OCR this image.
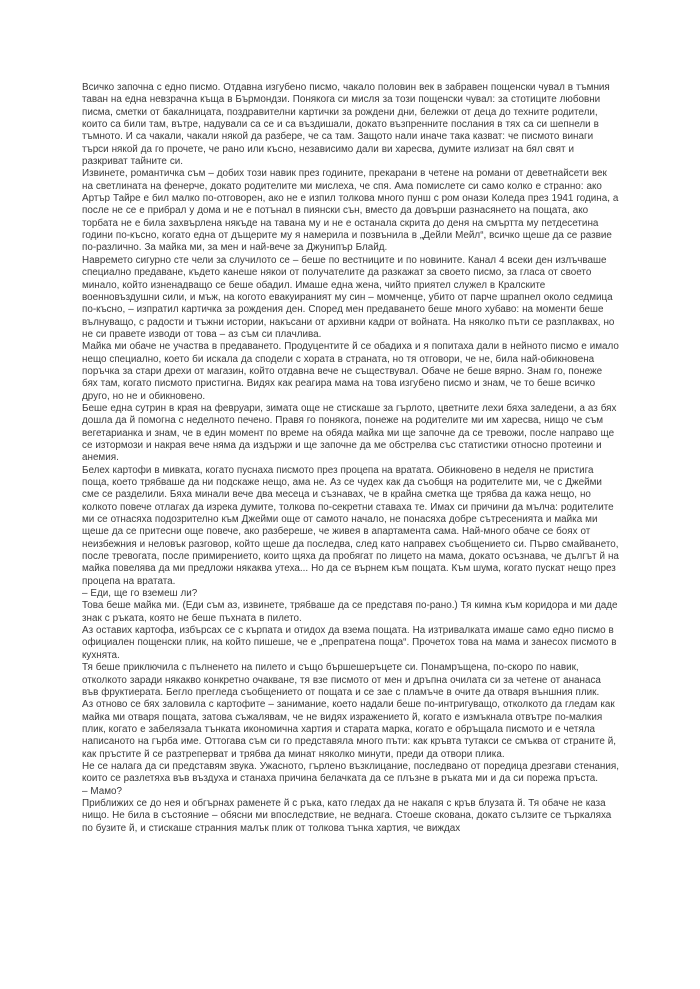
Всичко започна с едно писмо. Отдавна изгубено писмо, чакало половин век в забравен пощенски чувал в тъмния таван на една невзрачна къща в Бърмондзи. Понякога си мисля за този пощенски чувал: за стотиците любовни писма, сметки от бакалницата, поздравителни картички за рождени дни, бележки от деца до техните родители, които са били там, вътре, надували са се и са въздишали, докато възпренните послания в тях са си шепнели в тъмното. И са чакали, чакали някой да разбере, че са там. Защото нали иначе така казват: че писмото винаги търси някой да го прочете, че рано или късно, независимо дали ви харесва, думите излизат на бял свят и разкриват тайните си.

Извинете, романтичка съм – добих този навик през годините, прекарани в четене на романи от деветнайсети век на светлината на фенерче, докато родителите ми мислеха, че спя. Ама помислете си само колко е странно: ако Артър Тайре е бил малко по-отговорен, ако не е изпил толкова много пунш с ром онази Коледа през 1941 година, а после не се е прибрал у дома и не е потънал в пиянски сън, вместо да довърши разнасянето на пощата, ако торбата не е била захвърлена някъде на тавана му и не е останала скрита до деня на смъртта му петдесетина години по-късно, когато една от дъщерите му я намерила и позвънила в „Дейли Мейл“, всичко щеше да се развие по-различно. За майка ми, за мен и най-вече за Джунипър Блайд.

Навремето сигурно сте чели за случилото се – беше по вестниците и по новините. Канал 4 всеки ден излъчваше специално предаване, където канеше някои от получателите да разкажат за своето писмо, за гласа от своето минало, който изненадващо се беше обадил. Имаше една жена, чийто приятел служел в Кралските военновъздушни сили, и мъж, на когото евакуираният му син – момченце, убито от парче шрапнел около седмица по-късно, – изпратил картичка за рождения ден. Според мен предаването беше много хубаво: на моменти беше вълнуващо, с радости и тъжни истории, накъсани от архивни кадри от войната. На няколко пъти се разплаквах, но не си правете изводи от това – аз съм си плачлива.

Майка ми обаче не участва в предаването. Продуцентите й се обадиха и я попитаха дали в нейното писмо е имало нещо специално, което би искала да сподели с хората в страната, но тя отговори, че не, била най-обикновена поръчка за стари дрехи от магазин, който отдавна вече не съществувал. Обаче не беше вярно. Знам го, понеже бях там, когато писмото пристигна. Видях как реагира мама на това изгубено писмо и знам, че то беше всичко друго, но не и обикновено.

Беше една сутрин в края на февруари, зимата още не стискаше за гърлото, цветните лехи бяха заледени, а аз бях дошла да й помогна с неделното печено. Правя го понякога, понеже на родителите ми им харесва, нищо че съм вегетарианка и знам, че в един момент по време на обяда майка ми ще започне да се тревожи, после направо ще се изтормози и накрая вече няма да издържи и ще започне да ме обстрелва със статистики относно протеини и анемия.

Белех картофи в мивката, когато пуснаха писмото през процепа на вратата. Обикновено в неделя не пристига поща, което трябваше да ни подскаже нещо, ама не. Аз се чудех как да съобщя на родителите ми, че с Джейми сме се разделили. Бяха минали вече два месеца и съзнавах, че в крайна сметка ще трябва да кажа нещо, но колкото повече отлагах да изрека думите, толкова по-секретни ставаха те. Имах си причини да мълча: родителите ми се отнасяха подозрително към Джейми още от самото начало, не понасяха добре сътресенията и майка ми щеше да се притесни още повече, ако разбереше, че живея в апартамента сама. Най-много обаче се боях от неизбежния и неловък разговор, който щеше да последва, след като направех съобщението си. Първо смайването, после тревогата, после примирението, които щяха да пробягат по лицето на мама, докато осъзнава, че дългът й на майка повелява да ми предложи някаква утеха... Но да се върнем към пощата. Към шума, когато пускат нещо през процепа на вратата.

– Еди, ще го вземеш ли?

Това беше майка ми. (Еди съм аз, извинете, трябваше да се представя по-рано.) Тя кимна към коридора и ми даде знак с ръката, която не беше пъхната в пилето.

Аз оставих картофа, избърсах се с кърпата и отидох да взема пощата. На изтривалката имаше само едно писмо в официален пощенски плик, на който пишеше, че е „препратена поща“. Прочетох това на мама и занесох писмото в кухнята.

Тя беше приключила с пълненето на пилето и също бършешеръцете си. Понамръщена, по-скоро по навик, отколкото заради някакво конкретно очакване, тя взе писмото от мен и дръпна очилата си за четене от ананаса във фруктиерата. Бегло прегледа съобщението от пощата и се зае с пламъче в очите да отваря външния плик.

Аз отново се бях заловила с картофите – занимание, което надали беше по-интригуващо, отколкото да гледам как майка ми отваря пощата, затова съжалявам, че не видях изражението й, когато е измъкнала отвътре по-малкия плик, когато е забелязала тънката икономична хартия и старата марка, когато е обръщала писмото и е четяла написаното на гърба име. Оттогава съм си го представяла много пъти: как кръвта тутакси се смъква от страните й, как пръстите й се разтреперват и трябва да минат няколко минути, преди да отвори плика.

Не се налага да си представям звука. Ужасното, гърлено възклицание, последвано от поредица дрезгави стенания, които се разлетяха във въздуха и станаха причина белачката да се плъзне в ръката ми и да си порежа пръста.

– Мамо?

Приближих се до нея и обгърнах раменете й с ръка, като гледах да не накапя с кръв блузата й. Тя обаче не каза нищо. Не била в състояние – обясни ми впоследствие, не веднага. Стоеше скована, докато сълзите се търкаляха по бузите й, и стискаше странния малък плик от толкова тънка хартия, че виждах
